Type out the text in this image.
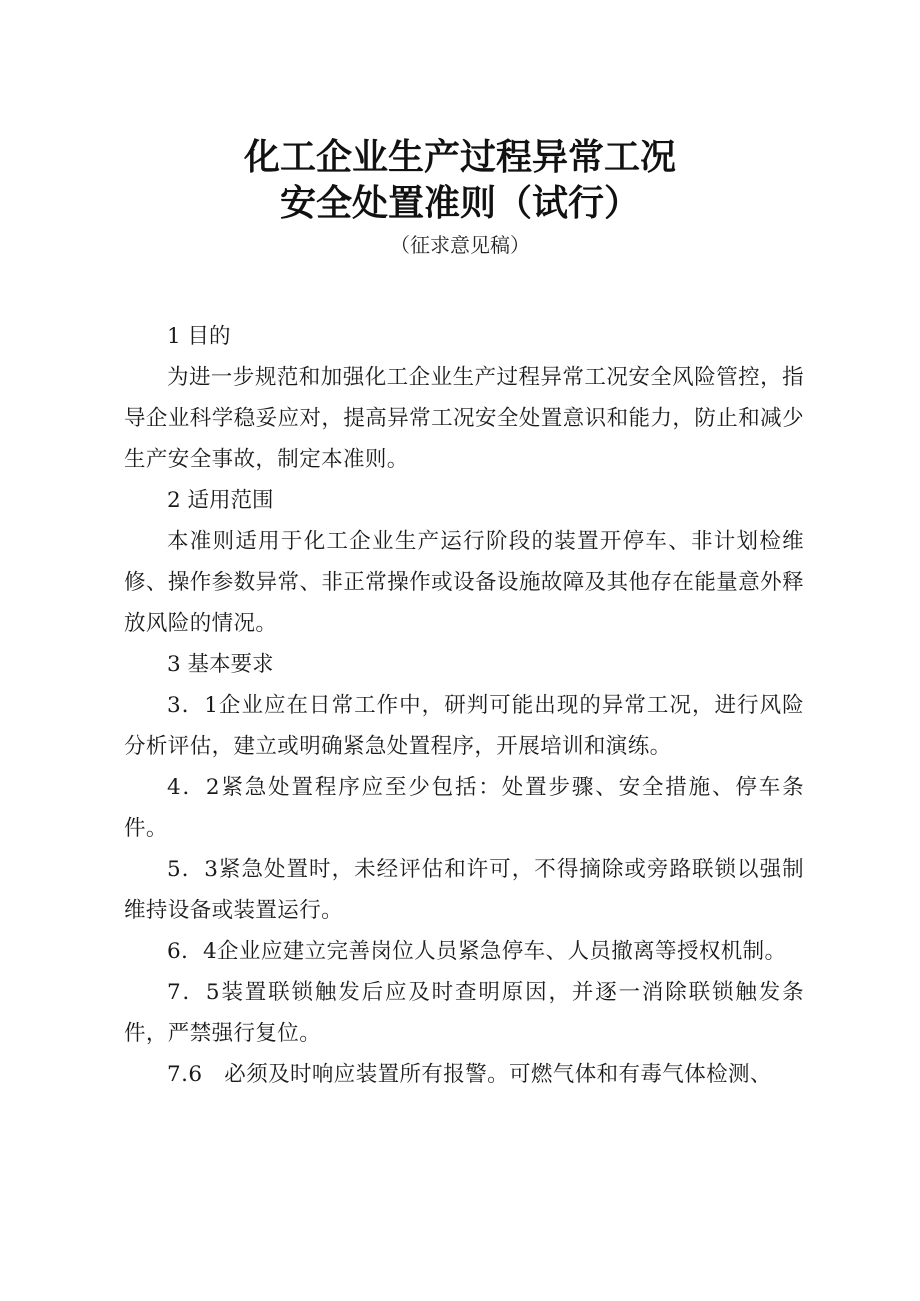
化工企业生产过程异常工况
安全处置准则（试行）
（征求意见稿）

1 目的

为进一步规范和加强化工企业生产过程异常工况安全风险管控，指导企业科学稳妥应对，提高异常工况安全处置意识和能力，防止和减少生产安全事故，制定本准则。

2 适用范围

本准则适用于化工企业生产运行阶段的装置开停车、非计划检维修、操作参数异常、非正常操作或设备设施故障及其他存在能量意外释放风险的情况。

3 基本要求

3．1企业应在日常工作中，研判可能出现的异常工况，进行风险分析评估，建立或明确紧急处置程序，开展培训和演练。

4．2紧急处置程序应至少包括：处置步骤、安全措施、停车条件。

5．3紧急处置时，未经评估和许可，不得摘除或旁路联锁以强制维持设备或装置运行。

6．4企业应建立完善岗位人员紧急停车、人员撤离等授权机制。

7．5装置联锁触发后应及时查明原因，并逐一消除联锁触发条件，严禁强行复位。

7.6　必须及时响应装置所有报警。可燃气体和有毒气体检测、
